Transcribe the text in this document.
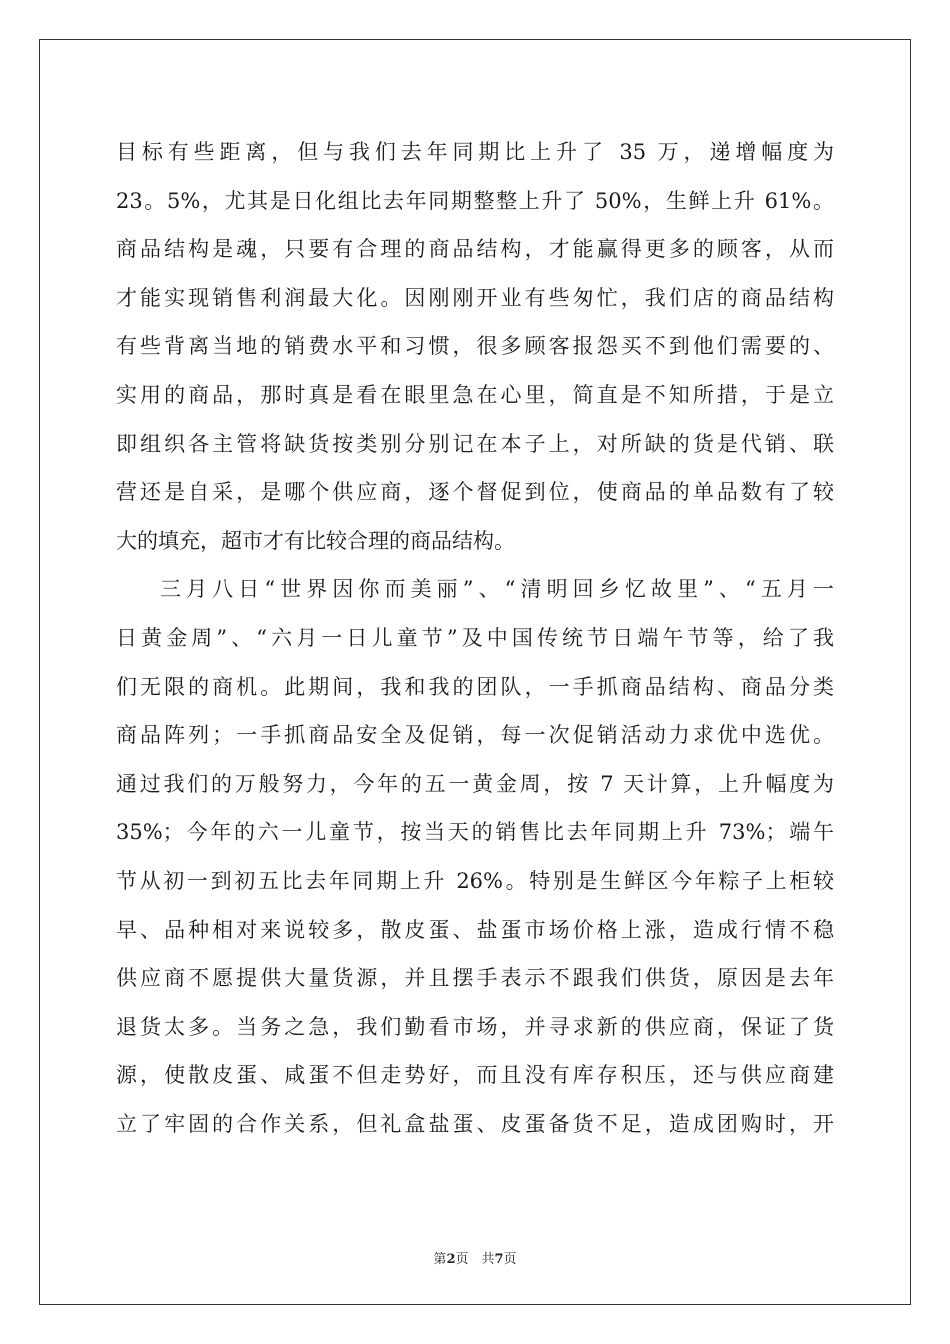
目标有些距离，但与我们去年同期比上升了 35 万，递增幅度为
23。5%，尤其是日化组比去年同期整整上升了 50%，生鲜上升 61%。
商品结构是魂，只要有合理的商品结构，才能赢得更多的顾客，从而
才能实现销售利润最大化。因刚刚开业有些匆忙，我们店的商品结构
有些背离当地的销费水平和习惯，很多顾客报怨买不到他们需要的、
实用的商品，那时真是看在眼里急在心里，简直是不知所措，于是立
即组织各主管将缺货按类别分别记在本子上，对所缺的货是代销、联
营还是自采，是哪个供应商，逐个督促到位，使商品的单品数有了较
大的填充，超市才有比较合理的商品结构。
三月八日“世界因你而美丽”、“清明回乡忆故里”、“五月一
日黄金周”、“六月一日儿童节”及中国传统节日端午节等，给了我
们无限的商机。此期间，我和我的团队，一手抓商品结构、商品分类
商品阵列；一手抓商品安全及促销，每一次促销活动力求优中选优。
通过我们的万般努力，今年的五一黄金周，按 7 天计算，上升幅度为
35%；今年的六一儿童节，按当天的销售比去年同期上升 73%；端午
节从初一到初五比去年同期上升 26%。特别是生鲜区今年粽子上柜较
早、品种相对来说较多，散皮蛋、盐蛋市场价格上涨，造成行情不稳
供应商不愿提供大量货源，并且摆手表示不跟我们供货，原因是去年
退货太多。当务之急，我们勤看市场，并寻求新的供应商，保证了货
源，使散皮蛋、咸蛋不但走势好，而且没有库存积压，还与供应商建
立了牢固的合作关系，但礼盒盐蛋、皮蛋备货不足，造成团购时，开
第2页　共7页
